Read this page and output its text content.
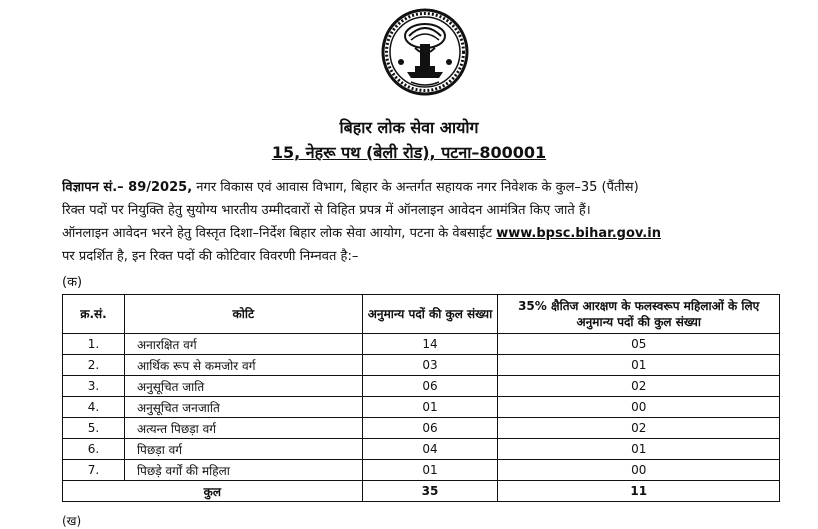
बिहार लोक सेवा आयोग
15, नेहरू पथ (बेली रोड), पटना–800001
विज्ञापन सं.– 89/2025, नगर विकास एवं आवास विभाग, बिहार के अन्तर्गत सहायक नगर निवेशक के कुल–35 (पैंतीस)
रिक्त पदों पर नियुक्ति हेतु सुयोग्य भारतीय उम्मीदवारों से विहित प्रपत्र में ऑनलाइन आवेदन आमंत्रित किए जाते हैं।
ऑनलाइन आवेदन भरने हेतु विस्तृत दिशा–निर्देश बिहार लोक सेवा आयोग, पटना के वेबसाईट www.bpsc.bihar.gov.in
पर प्रदर्शित है, इन रिक्त पदों की कोटिवार विवरणी निम्नवत है:–
(क)
क्र.सं.	कोटि	अनुमान्य पदों की कुल संख्या	35% क्षैतिज आरक्षण के फलस्वरूप महिलाओं के लिए अनुमान्य पदों की कुल संख्या
1.	अनारक्षित वर्ग	14	05
2.	आर्थिक रूप से कमजोर वर्ग	03	01
3.	अनुसूचित जाति	06	02
4.	अनुसूचित जनजाति	01	00
5.	अत्यन्त पिछड़ा वर्ग	06	02
6.	पिछड़ा वर्ग	04	01
7.	पिछड़े वर्गों की महिला	01	00
कुल		35	11
(ख)
